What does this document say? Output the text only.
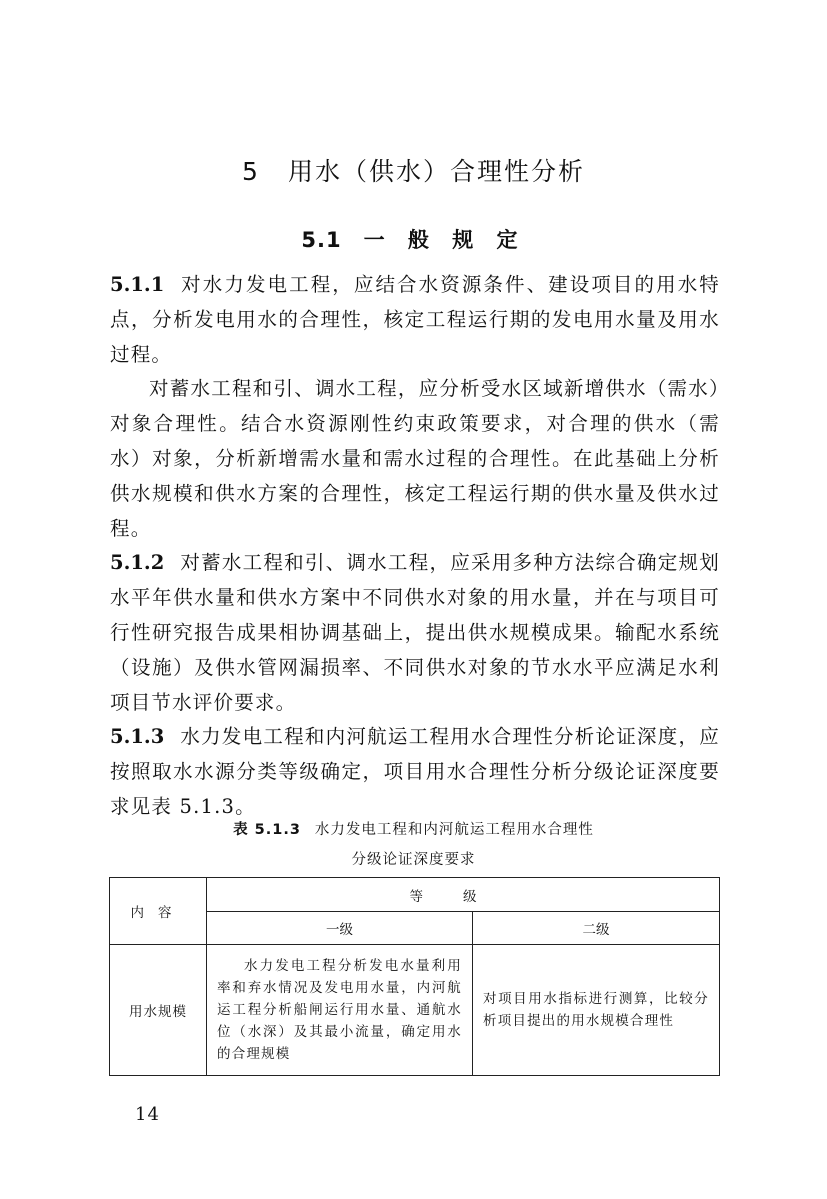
5 用水（供水）合理性分析
5.1 一 般 规 定

5.1.1 对水力发电工程，应结合水资源条件、建设项目的用水特点，分析发电用水的合理性，核定工程运行期的发电用水量及用水过程。

对蓄水工程和引、调水工程，应分析受水区域新增供水（需水）对象合理性。结合水资源刚性约束政策要求，对合理的供水（需水）对象，分析新增需水量和需水过程的合理性。在此基础上分析供水规模和供水方案的合理性，核定工程运行期的供水量及供水过程。

5.1.2 对蓄水工程和引、调水工程，应采用多种方法综合确定规划水平年供水量和供水方案中不同供水对象的用水量，并在与项目可行性研究报告成果相协调基础上，提出供水规模成果。输配水系统（设施）及供水管网漏损率、不同供水对象的节水水平应满足水利项目节水评价要求。

5.1.3 水力发电工程和内河航运工程用水合理性分析论证深度，应按照取水水源分类等级确定，项目用水合理性分析分级论证深度要求见表 5.1.3。

表 5.1.3 水力发电工程和内河航运工程用水合理性
分级论证深度要求
内容	等级	
	一级	二级
用水规模	水力发电工程分析发电水量利用率和弃水情况及发电用水量，内河航运工程分析船闸运行用水量、通航水位（水深）及其最小流量，确定用水的合理规模	对项目用水指标进行测算，比较分析项目提出的用水规模合理性
14
